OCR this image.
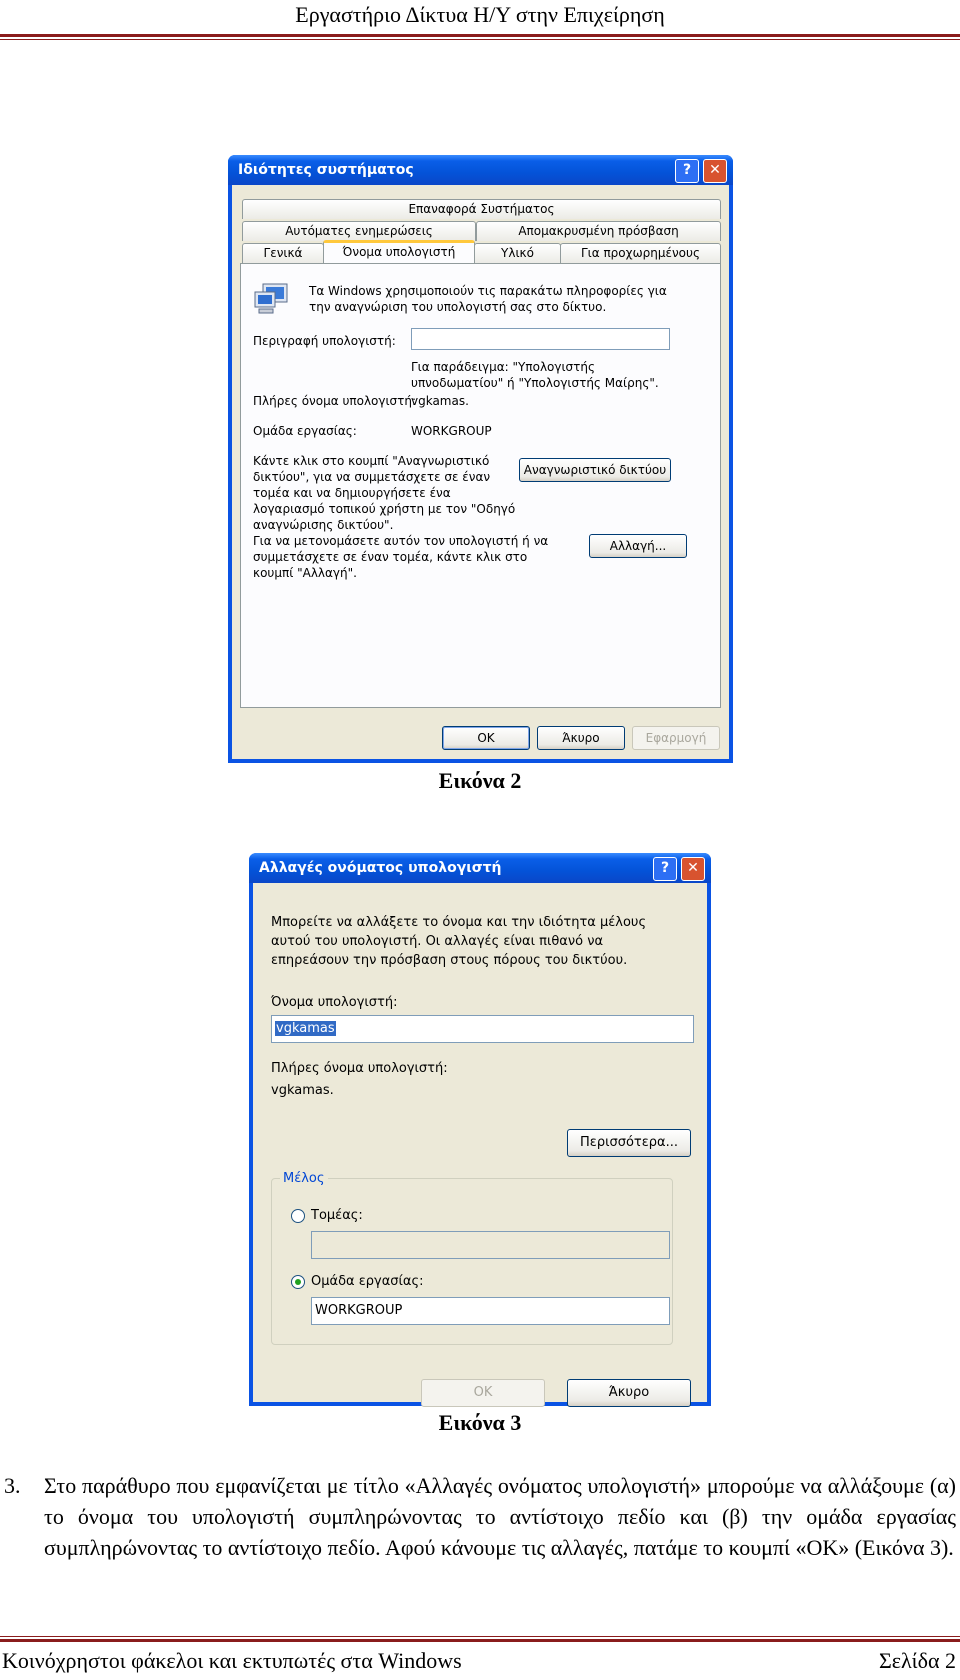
Εργαστήριο Δίκτυα Η/Υ στην Επιχείρηση
Ιδιότητες συστήματος	?	✕
Επαναφορά Συστήματος
Αυτόματες ενημερώσεις	Απομακρυσμένη πρόσβαση
Γενικά	Όνομα υπολογιστή	Υλικό	Για προχωρημένους
Τα Windows χρησιμοποιούν τις παρακάτω πληροφορίες για
την αναγνώριση του υπολογιστή σας στο δίκτυο.
Περιγραφή υπολογιστή:
Για παράδειγμα: "Υπολογιστής
υπνοδωματίου" ή "Υπολογιστής Μαίρης".
Πλήρες όνομα υπολογιστή:
vgkamas.
Ομάδα εργασίας:	WORKGROUP
Κάντε κλικ στο κουμπί "Αναγνωριστικό
δικτύου", για να συμμετάσχετε σε έναν
τομέα και να δημιουργήσετε ένα
λογαριασμό τοπικού χρήστη με τον "Οδηγό
αναγνώρισης δικτύου".
Αναγνωριστικό δικτύου
Για να μετονομάσετε αυτόν τον υπολογιστή ή να
συμμετάσχετε σε έναν τομέα, κάντε κλικ στο
κουμπί "Αλλαγή".
Αλλαγή...
OK	Άκυρο	Εφαρμογή
Εικόνα 2
Αλλαγές ονόματος υπολογιστή	?	✕
Μπορείτε να αλλάξετε το όνομα και την ιδιότητα μέλους
αυτού του υπολογιστή. Οι αλλαγές είναι πιθανό να
επηρεάσουν την πρόσβαση στους πόρους του δικτύου.
Όνομα υπολογιστή:
vgkamas
Πλήρες όνομα υπολογιστή:
vgkamas.
Περισσότερα...
Μέλος
Τομέας:
Ομάδα εργασίας:
WORKGROUP
OK	Άκυρο
Εικόνα 3
3. Στο παράθυρο που εμφανίζεται με τίτλο «Αλλαγές ονόματος υπολογιστή» μπορούμε να αλλάξουμε (α) το όνομα του υπολογιστή συμπληρώνοντας το αντίστοιχο πεδίο και (β) την ομάδα εργασίας συμπληρώνοντας το αντίστοιχο πεδίο. Αφού κάνουμε τις αλλαγές, πατάμε το κουμπί «OK» (Εικόνα 3).
Κοινόχρηστοι φάκελοι και εκτυπωτές στα Windows	Σελίδα 2
